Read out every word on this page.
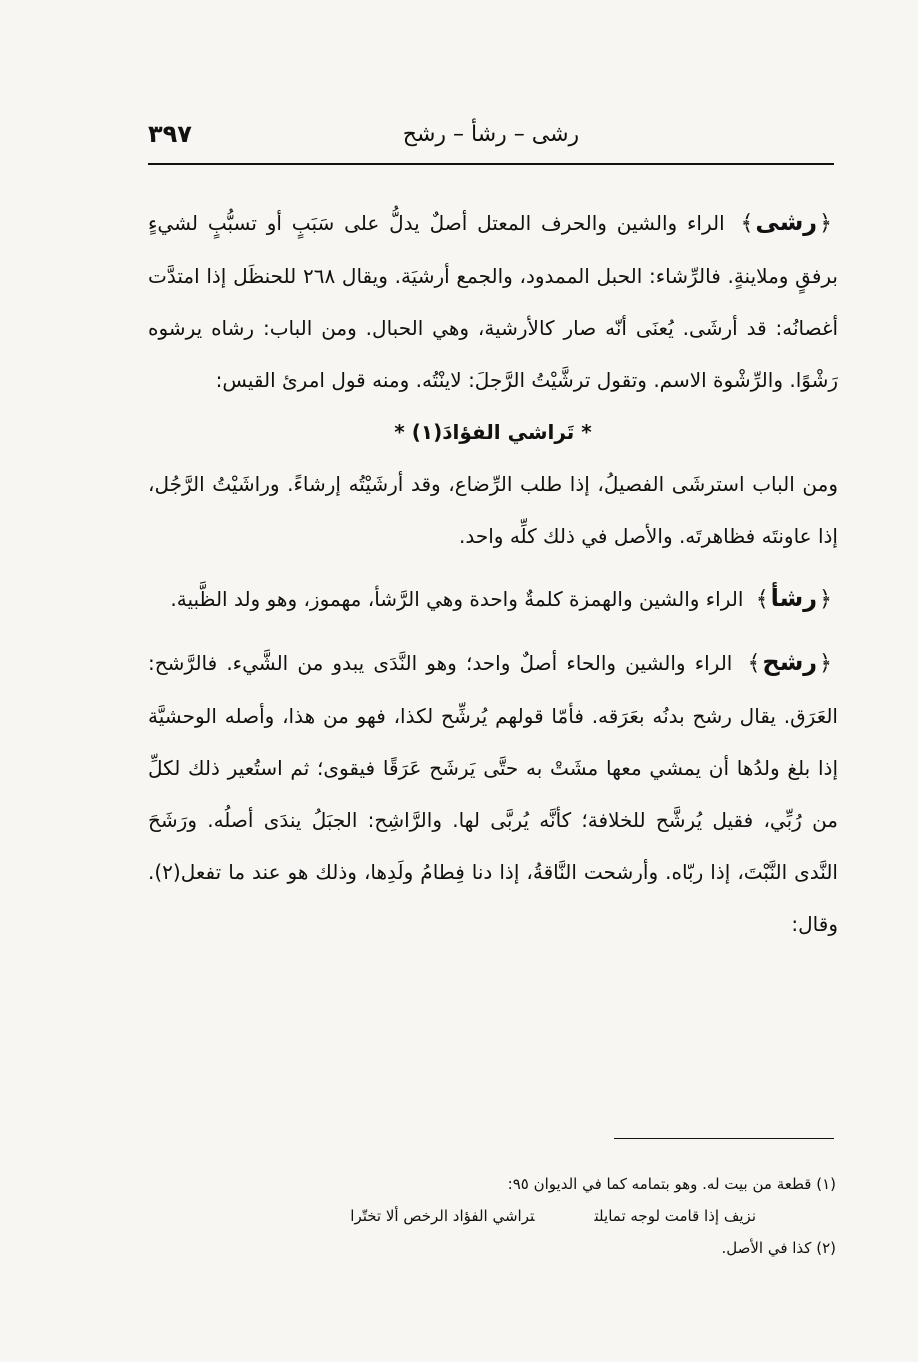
رشى – رشأ – رشح
٣٩٧

﴿رشى﴾ الراء والشين والحرف المعتل أصلٌ يدلُّ على سَبَبٍ أو تسبُّبٍ لشيءٍ برفقٍ وملاينةٍ. فالرِّشاء: الحبل الممدود، والجمع أرشيَة. ويقال ٢٦٨ للحنظَل إذا امتدَّت أغصانُه: قد أرشَى. يُعنَى أنّه صار كالأرشية، وهي الحبال. ومن الباب: رشاه يرشوه رَشْوًا. والرِّشْوة الاسم. وتقول ترشَّيْتُ الرَّجلَ: لاينْتُه. ومنه قول امرئ القيس:

* تَراشي الفؤادَ(١) *

ومن الباب استرشَى الفصيلُ، إذا طلب الرِّضاع، وقد أرشَيْتُه إرشاءً. وراشَيْتُ الرَّجُل، إذا عاونتَه فظاهرتَه. والأصل في ذلك كلِّه واحد.

﴿رشأ﴾ الراء والشين والهمزة كلمةٌ واحدة وهي الرَّشأ، مهموز، وهو ولد الظَّبية.

﴿رشح﴾ الراء والشين والحاء أصلٌ واحد؛ وهو النَّدَى يبدو من الشَّيء. فالرَّشح: العَرَق. يقال رشح بدنُه بعَرَقه. فأمّا قولهم يُرشِّح لكذا، فهو من هذا، وأصله الوحشيَّة إذا بلغ ولدُها أن يمشي معها مشَتْ به حتَّى يَرشَح عَرَقًا فيقوى؛ ثم استُعير ذلك لكلِّ من رُبِّي، فقيل يُرشَّح للخلافة؛ كأنَّه يُربَّى لها. والرَّاشِح: الجبَلُ يندَى أصلُه. ورَشَحَ النَّدى النَّبْتَ، إذا ربّاه. وأرشحت النَّاقةُ، إذا دنا فِطامُ ولَدِها، وذلك هو عند ما تفعل(٢). وقال:

(١) قطعة من بيت له. وهو بتمامه كما في الديوان ٩٥:

نزيف إذا قامت لوجه تمايلتتراشي الفؤاد الرخص ألا تختّرا

(٢) كذا في الأصل.
